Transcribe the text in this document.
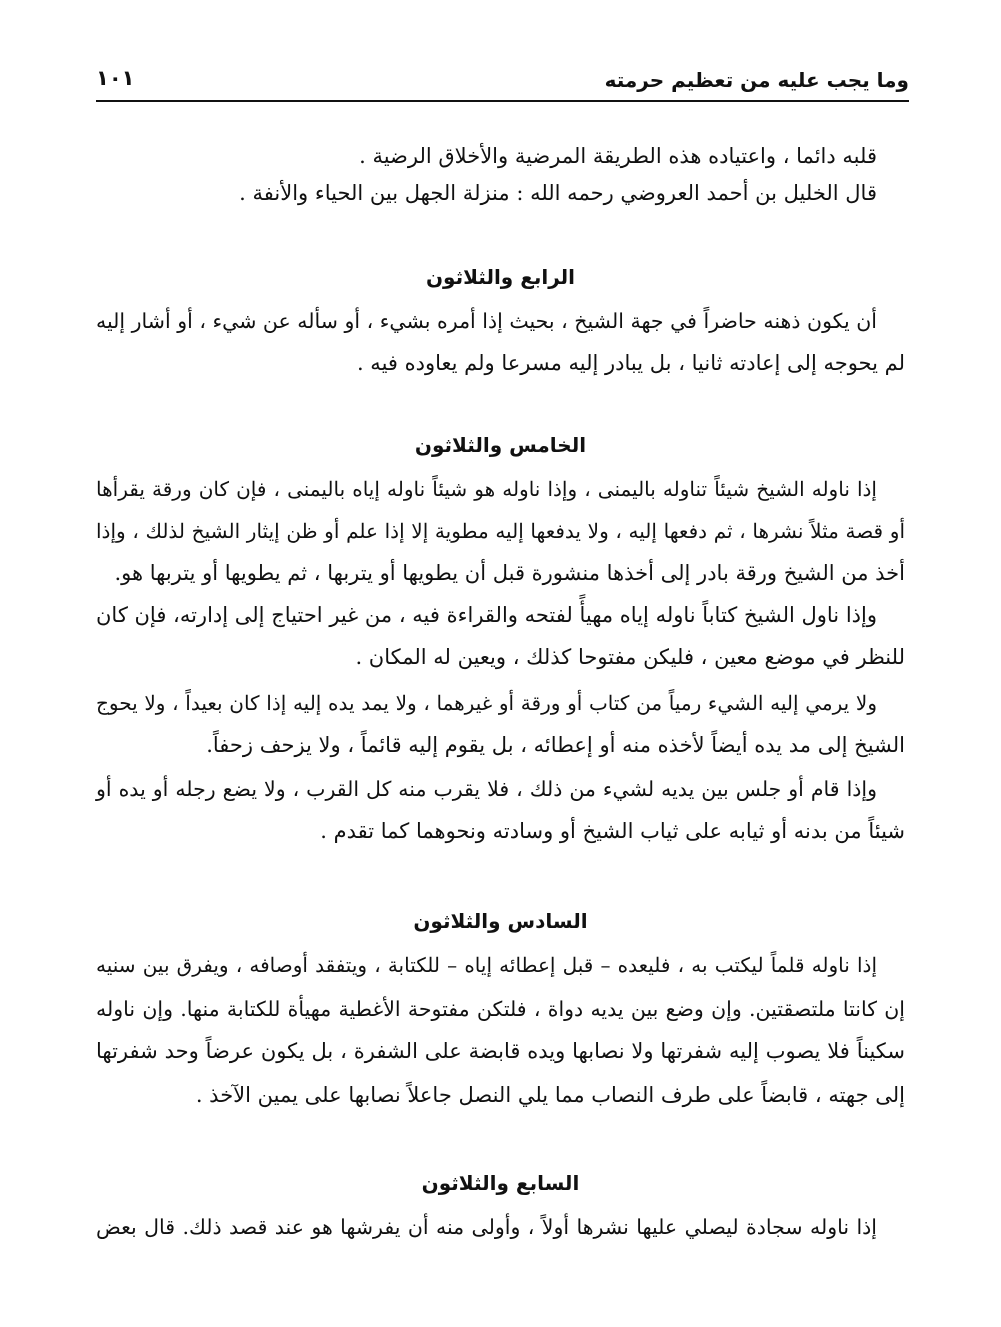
وما يجب عليه من تعظيم حرمته
١٠١
قلبه دائما ، واعتياده هذه الطريقة المرضية والأخلاق الرضية .
قال الخليل بن أحمد العروضي رحمه الله : منزلة الجهل بين الحياء والأنفة .
الرابع والثلاثون
أن يكون ذهنه حاضراً في جهة الشيخ ، بحيث إذا أمره بشيء ، أو سأله عن شيء ، أو أشار إليه
لم يحوجه إلى إعادته ثانيا ، بل يبادر إليه مسرعا ولم يعاوده فيه .
الخامس والثلاثون
إذا ناوله الشيخ شيئاً تناوله باليمنى ، وإذا ناوله هو شيئاً ناوله إياه باليمنى ، فإن كان ورقة يقرأها
أو قصة مثلاً نشرها ، ثم دفعها إليه ، ولا يدفعها إليه مطوية إلا إذا علم أو ظن إيثار الشيخ لذلك ، وإذا
أخذ من الشيخ ورقة بادر إلى أخذها منشورة قبل أن يطويها أو يتربها ، ثم يطويها أو يتربها هو.
وإذا ناول الشيخ كتاباً ناوله إياه مهيأً لفتحه والقراءة فيه ، من غير احتياج إلى إدارته، فإن كان
للنظر في موضع معين ، فليكن مفتوحا كذلك ، ويعين له المكان .
ولا يرمي إليه الشيء رمياً من كتاب أو ورقة أو غيرهما ، ولا يمد يده إليه إذا كان بعيداً ، ولا يحوج
الشيخ إلى مد يده أيضاً لأخذه منه أو إعطائه ، بل يقوم إليه قائماً ، ولا يزحف زحفاً.
وإذا قام أو جلس بين يديه لشيء من ذلك ، فلا يقرب منه كل القرب ، ولا يضع رجله أو يده أو
شيئاً من بدنه أو ثيابه على ثياب الشيخ أو وسادته ونحوهما كما تقدم .
السادس والثلاثون
إذا ناوله قلماً ليكتب به ، فليعده – قبل إعطائه إياه – للكتابة ، ويتفقد أوصافه ، ويفرق بين سنيه
إن كانتا ملتصقتين. وإن وضع بين يديه دواة ، فلتكن مفتوحة الأغطية مهيأة للكتابة منها. وإن ناوله
سكيناً فلا يصوب إليه شفرتها ولا نصابها ويده قابضة على الشفرة ، بل يكون عرضاً وحد شفرتها
إلى جهته ، قابضاً على طرف النصاب مما يلي النصل جاعلاً نصابها على يمين الآخذ .
السابع والثلاثون
إذا ناوله سجادة ليصلي عليها نشرها أولاً ، وأولى منه أن يفرشها هو عند قصد ذلك. قال بعض
